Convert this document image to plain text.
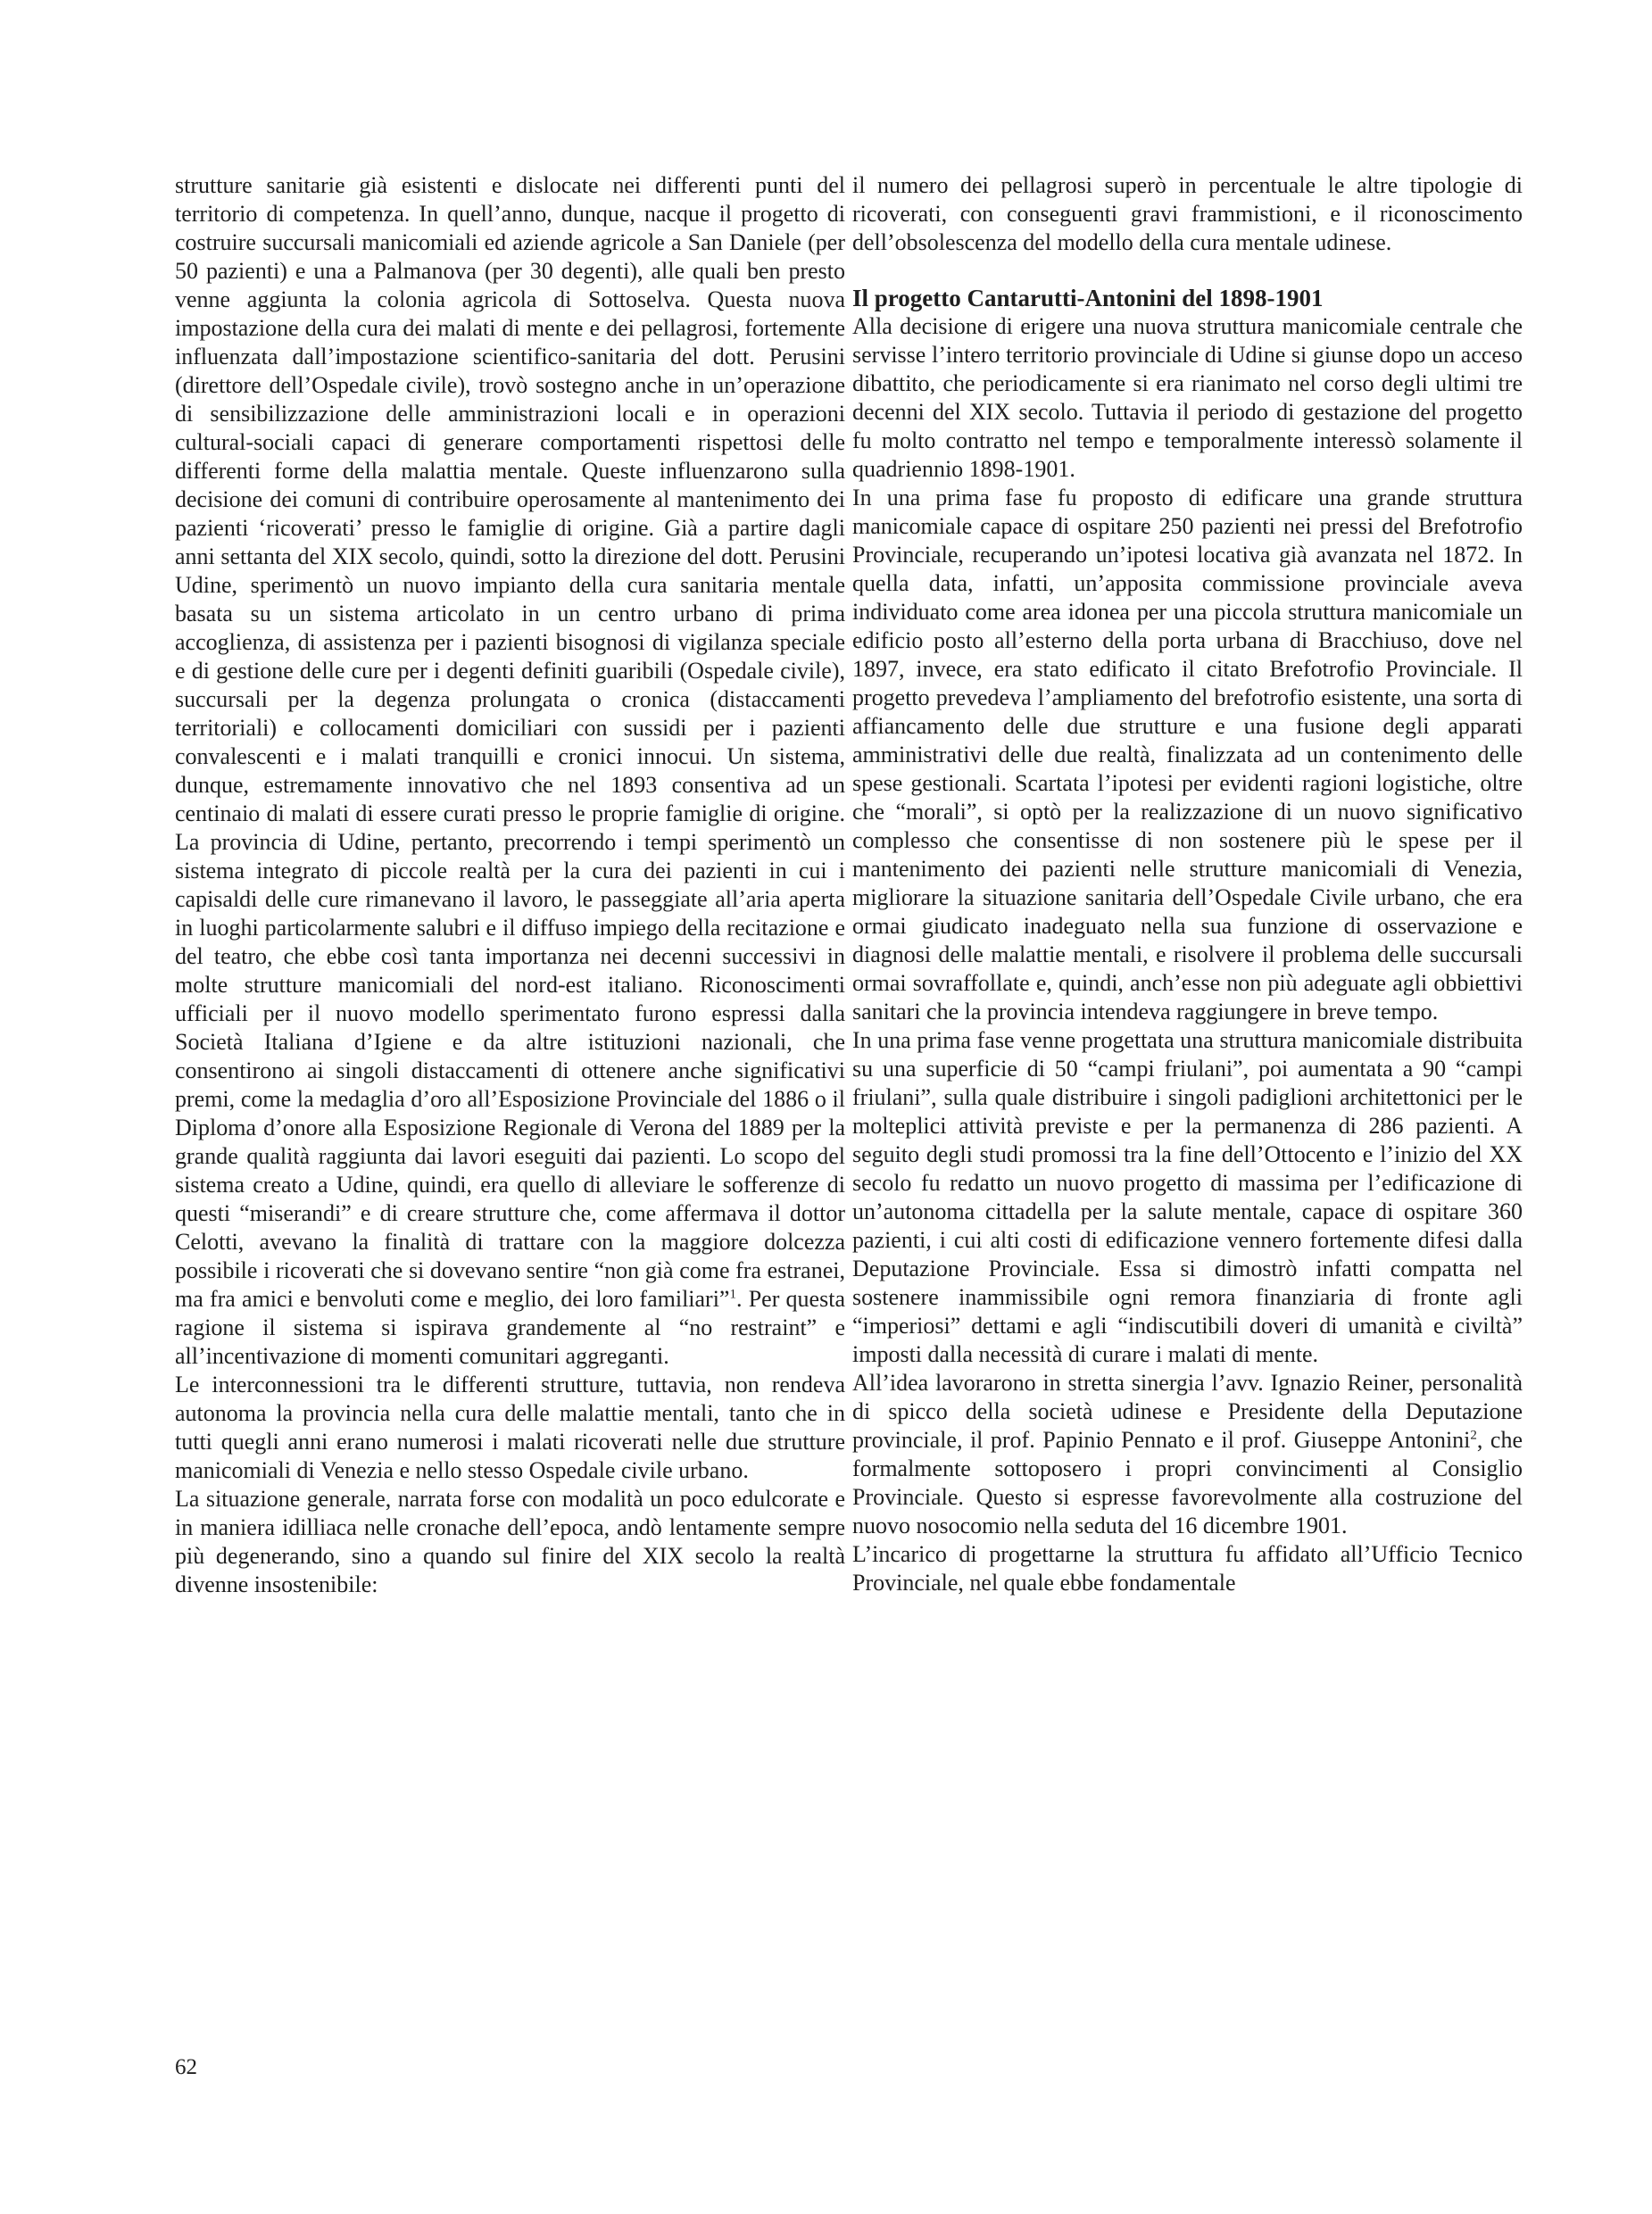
strutture sanitarie già esistenti e dislocate nei differenti punti del territorio di competenza. In quell’anno, dunque, nacque il progetto di costruire succursali manicomiali ed aziende agricole a San Daniele (per 50 pazienti) e una a Palmanova (per 30 degenti), alle quali ben presto venne aggiunta la colonia agricola di Sottoselva. Questa nuova impostazione della cura dei malati di mente e dei pellagrosi, fortemente influenzata dall’impostazione scientifico-sanitaria del dott. Perusini (direttore dell’Ospedale civile), trovò sostegno anche in un’operazione di sensibilizzazione delle amministrazioni locali e in operazioni cultural-sociali capaci di generare comportamenti rispettosi delle differenti forme della malattia mentale. Queste influenzarono sulla decisione dei comuni di contribuire operosamente al mantenimento dei pazienti ‘ricoverati’ presso le famiglie di origine. Già a partire dagli anni settanta del XIX secolo, quindi, sotto la direzione del dott. Perusini Udine, sperimentò un nuovo impianto della cura sanitaria mentale basata su un sistema articolato in un centro urbano di prima accoglienza, di assistenza per i pazienti bisognosi di vigilanza speciale e di gestione delle cure per i degenti definiti guaribili (Ospedale civile), succursali per la degenza prolungata o cronica (distaccamenti territoriali) e collocamenti domiciliari con sussidi per i pazienti convalescenti e i malati tranquilli e cronici innocui. Un sistema, dunque, estremamente innovativo che nel 1893 consentiva ad un centinaio di malati di essere curati presso le proprie famiglie di origine. La provincia di Udine, pertanto, precorrendo i tempi sperimentò un sistema integrato di piccole realtà per la cura dei pazienti in cui i capisaldi delle cure rimanevano il lavoro, le passeggiate all’aria aperta in luoghi particolarmente salubri e il diffuso impiego della recitazione e del teatro, che ebbe così tanta importanza nei decenni successivi in molte strutture manicomiali del nord-est italiano. Riconoscimenti ufficiali per il nuovo modello sperimentato furono espressi dalla Società Italiana d’Igiene e da altre istituzioni nazionali, che consentirono ai singoli distaccamenti di ottenere anche significativi premi, come la medaglia d’oro all’Esposizione Provinciale del 1886 o il Diploma d’onore alla Esposizione Regionale di Verona del 1889 per la grande qualità raggiunta dai lavori eseguiti dai pazienti. Lo scopo del sistema creato a Udine, quindi, era quello di alleviare le sofferenze di questi “miserandi” e di creare strutture che, come affermava il dottor Celotti, avevano la finalità di trattare con la maggiore dolcezza possibile i ricoverati che si dovevano sentire “non già come fra estranei, ma fra amici e benvoluti come e meglio, dei loro familiari”$^1$. Per questa ragione il sistema si ispirava grandemente al “no restraint” e all’incentivazione di momenti comunitari aggreganti.

Le interconnessioni tra le differenti strutture, tuttavia, non rendeva autonoma la provincia nella cura delle malattie mentali, tanto che in tutti quegli anni erano numerosi i malati ricoverati nelle due strutture manicomiali di Venezia e nello stesso Ospedale civile urbano.

La situazione generale, narrata forse con modalità un poco edulcorate e in maniera idilliaca nelle cronache dell’epoca, andò lentamente sempre più degenerando, sino a quando sul finire del XIX secolo la realtà divenne insostenibile:

il numero dei pellagrosi superò in percentuale le altre tipologie di ricoverati, con conseguenti gravi frammistioni, e il riconoscimento dell’obsolescenza del modello della cura mentale udinese.

Il progetto Cantarutti-Antonini del 1898-1901

Alla decisione di erigere una nuova struttura manicomiale centrale che servisse l’intero territorio provinciale di Udine si giunse dopo un acceso dibattito, che periodicamente si era rianimato nel corso degli ultimi tre decenni del XIX secolo. Tuttavia il periodo di gestazione del progetto fu molto contratto nel tempo e temporalmente interessò solamente il quadriennio 1898-1901.

In una prima fase fu proposto di edificare una grande struttura manicomiale capace di ospitare 250 pazienti nei pressi del Brefotrofio Provinciale, recuperando un’ipotesi locativa già avanzata nel 1872. In quella data, infatti, un’apposita commissione provinciale aveva individuato come area idonea per una piccola struttura manicomiale un edificio posto all’esterno della porta urbana di Bracchiuso, dove nel 1897, invece, era stato edificato il citato Brefotrofio Provinciale. Il progetto prevedeva l’ampliamento del brefotrofio esistente, una sorta di affiancamento delle due strutture e una fusione degli apparati amministrativi delle due realtà, finalizzata ad un contenimento delle spese gestionali. Scartata l’ipotesi per evidenti ragioni logistiche, oltre che “morali”, si optò per la realizzazione di un nuovo significativo complesso che consentisse di non sostenere più le spese per il mantenimento dei pazienti nelle strutture manicomiali di Venezia, migliorare la situazione sanitaria dell’Ospedale Civile urbano, che era ormai giudicato inadeguato nella sua funzione di osservazione e diagnosi delle malattie mentali, e risolvere il problema delle succursali ormai sovraffollate e, quindi, anch’esse non più adeguate agli obbiettivi sanitari che la provincia intendeva raggiungere in breve tempo.

In una prima fase venne progettata una struttura manicomiale distribuita su una superficie di 50 “campi friulani”, poi aumentata a 90 “campi friulani”, sulla quale distribuire i singoli padiglioni architettonici per le molteplici attività previste e per la permanenza di 286 pazienti. A seguito degli studi promossi tra la fine dell’Ottocento e l’inizio del XX secolo fu redatto un nuovo progetto di massima per l’edificazione di un’autonoma cittadella per la salute mentale, capace di ospitare 360 pazienti, i cui alti costi di edificazione vennero fortemente difesi dalla Deputazione Provinciale. Essa si dimostrò infatti compatta nel sostenere inammissibile ogni remora finanziaria di fronte agli “imperiosi” dettami e agli “indiscutibili doveri di umanità e civiltà” imposti dalla necessità di curare i malati di mente.

All’idea lavorarono in stretta sinergia l’avv. Ignazio Reiner, personalità di spicco della società udinese e Presidente della Deputazione provinciale, il prof. Papinio Pennato e il prof. Giuseppe Antonini$^2$, che formalmente sottoposero i propri convincimenti al Consiglio Provinciale. Questo si espresse favorevolmente alla costruzione del nuovo nosocomio nella seduta del 16 dicembre 1901.

L’incarico di progettarne la struttura fu affidato all’Ufficio Tecnico Provinciale, nel quale ebbe fondamentale

62
